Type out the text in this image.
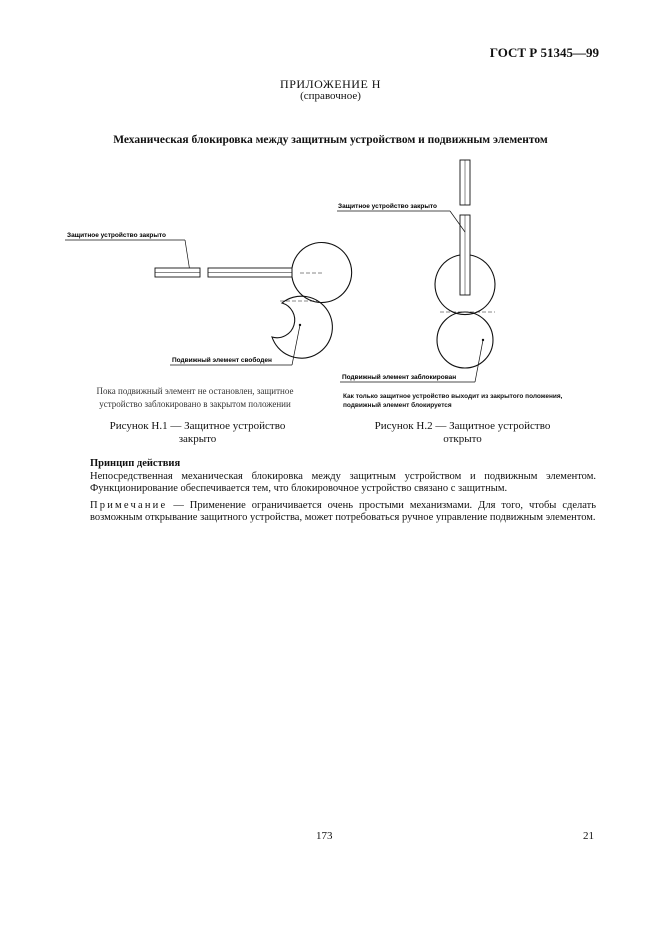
ГОСТ Р 51345—99
ПРИЛОЖЕНИЕ Н
(справочное)
Механическая блокировка между защитным устройством и подвижным элементом
Защитное устройство закрыто
Подвижный элемент свободен
Пока подвижный элемент не остановлен, защитное
устройство заблокировано в закрытом положении
Рисунок Н.1 — Защитное устройство
закрыто
Защитное устройство закрыто
Подвижный элемент заблокирован
Как только защитное устройство выходит из закрытого положения,
подвижный элемент блокируется
Рисунок Н.2 — Защитное устройство
открыто
Принцип действия
Непосредственная механическая блокировка между защитным устройством и подвижным элементом. Функционирование обеспечивается тем, что блокировочное устройство связано с защитным.
Примечание — Применение ограничивается очень простыми механизмами. Для того, чтобы сделать возможным открывание защитного устройства, может потребоваться ручное управление подвижным элементом.
173	21
